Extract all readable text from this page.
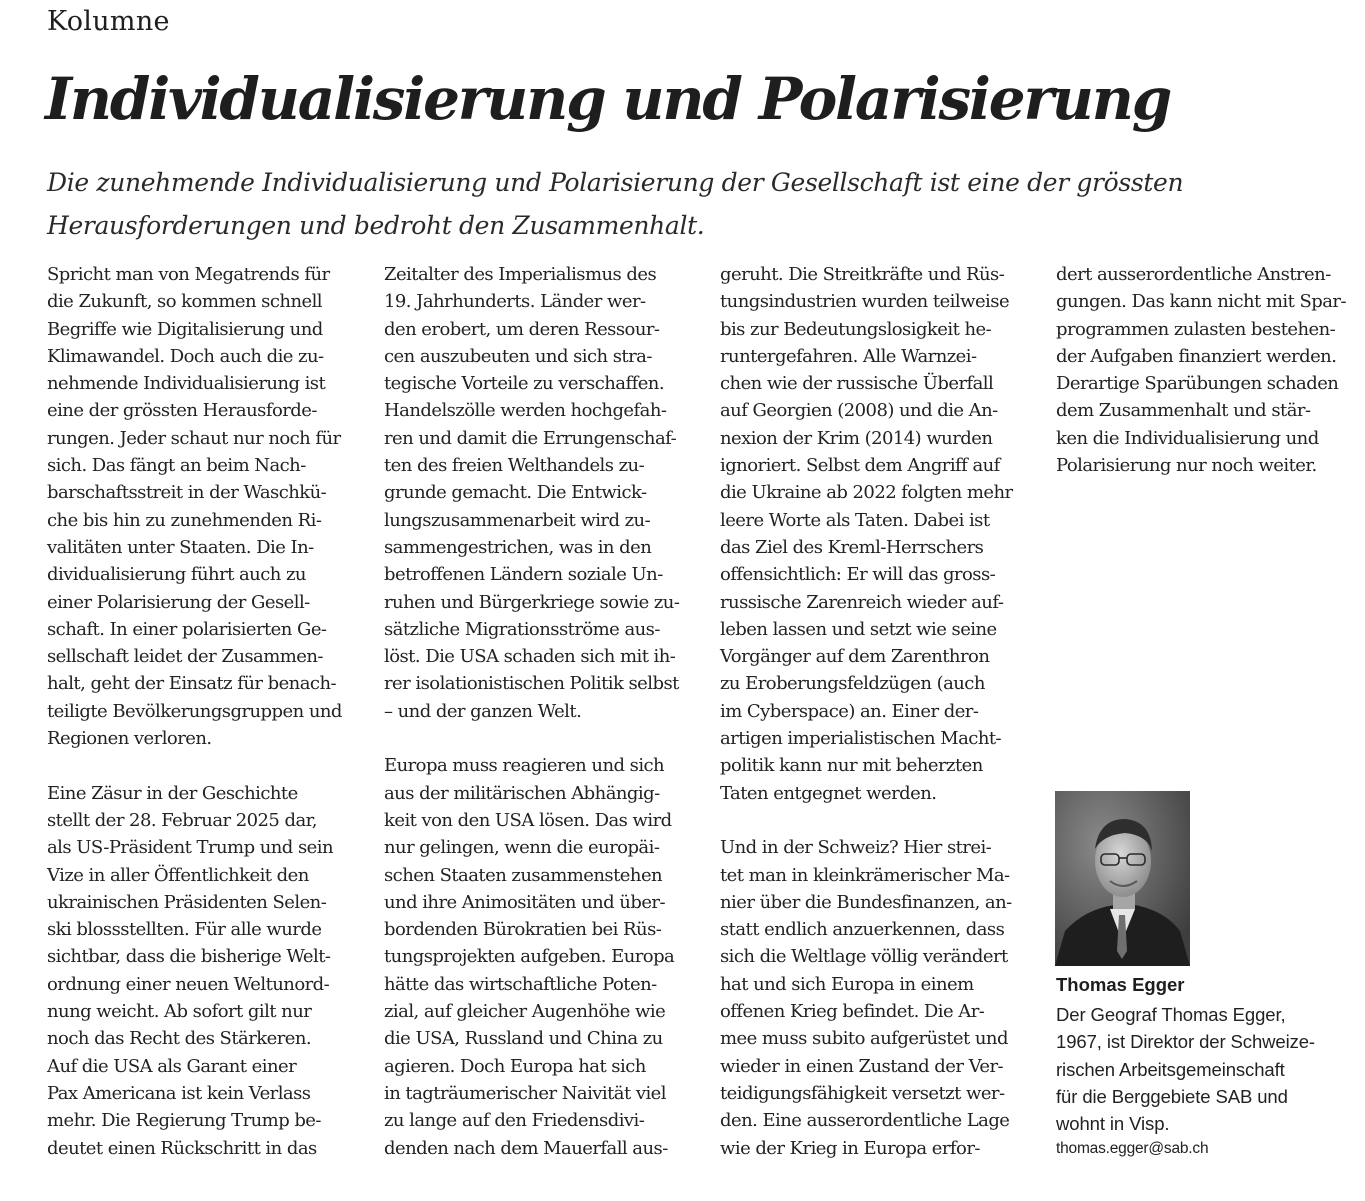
Kolumne
Individualisierung und Polarisierung
Die zunehmende Individualisierung und Polarisierung der Gesellschaft ist eine der grössten Herausforderungen und bedroht den Zusammenhalt.
Spricht man von Megatrends für
die Zukunft, so kommen schnell
Begriffe wie Digitalisierung und
Klimawandel. Doch auch die zu-
nehmende Individualisierung ist
eine der grössten Herausforde-
rungen. Jeder schaut nur noch für
sich. Das fängt an beim Nach-
barschaftsstreit in der Waschkü-
che bis hin zu zunehmenden Ri-
valitäten unter Staaten. Die In-
dividualisierung führt auch zu
einer Polarisierung der Gesell-
schaft. In einer polarisierten Ge-
sellschaft leidet der Zusammen-
halt, geht der Einsatz für benach-
teiligte Bevölkerungsgruppen und
Regionen verloren.
Eine Zäsur in der Geschichte
stellt der 28. Februar 2025 dar,
als US-Präsident Trump und sein
Vize in aller Öffentlichkeit den
ukrainischen Präsidenten Selen-
ski blossstellten. Für alle wurde
sichtbar, dass die bisherige Welt-
ordnung einer neuen Weltunord-
nung weicht. Ab sofort gilt nur
noch das Recht des Stärkeren.
Auf die USA als Garant einer
Pax Americana ist kein Verlass
mehr. Die Regierung Trump be-
deutet einen Rückschritt in das
Zeitalter des Imperialismus des
19. Jahrhunderts. Länder wer-
den erobert, um deren Ressour-
cen auszubeuten und sich stra-
tegische Vorteile zu verschaffen.
Handelszölle werden hochgefah-
ren und damit die Errungenschaf-
ten des freien Welthandels zu-
grunde gemacht. Die Entwick-
lungszusammenarbeit wird zu-
sammengestrichen, was in den
betroffenen Ländern soziale Un-
ruhen und Bürgerkriege sowie zu-
sätzliche Migrationsströme aus-
löst. Die USA schaden sich mit ih-
rer isolationistischen Politik selbst
– und der ganzen Welt.
Europa muss reagieren und sich
aus der militärischen Abhängig-
keit von den USA lösen. Das wird
nur gelingen, wenn die europäi-
schen Staaten zusammenstehen
und ihre Animositäten und über-
bordenden Bürokratien bei Rüs-
tungsprojekten aufgeben. Europa
hätte das wirtschaftliche Poten-
zial, auf gleicher Augenhöhe wie
die USA, Russland und China zu
agieren. Doch Europa hat sich
in tagträumerischer Naivität viel
zu lange auf den Friedensdivi-
denden nach dem Mauerfall aus-
geruht. Die Streitkräfte und Rüs-
tungsindustrien wurden teilweise
bis zur Bedeutungslosigkeit he-
runtergefahren. Alle Warnzei-
chen wie der russische Überfall
auf Georgien (2008) und die An-
nexion der Krim (2014) wurden
ignoriert. Selbst dem Angriff auf
die Ukraine ab 2022 folgten mehr
leere Worte als Taten. Dabei ist
das Ziel des Kreml-Herrschers
offensichtlich: Er will das gross-
russische Zarenreich wieder auf-
leben lassen und setzt wie seine
Vorgänger auf dem Zarenthron
zu Eroberungsfeldzügen (auch
im Cyberspace) an. Einer der-
artigen imperialistischen Macht-
politik kann nur mit beherzten
Taten entgegnet werden.
Und in der Schweiz? Hier strei-
tet man in kleinkrämerischer Ma-
nier über die Bundesfinanzen, an-
statt endlich anzuerkennen, dass
sich die Weltlage völlig verändert
hat und sich Europa in einem
offenen Krieg befindet. Die Ar-
mee muss subito aufgerüstet und
wieder in einen Zustand der Ver-
teidigungsfähigkeit versetzt wer-
den. Eine ausserordentliche Lage
wie der Krieg in Europa erfor-
dert ausserordentliche Anstren-
gungen. Das kann nicht mit Spar-
programmen zulasten bestehen-
der Aufgaben finanziert werden.
Derartige Sparübungen schaden
dem Zusammenhalt und stär-
ken die Individualisierung und
Polarisierung nur noch weiter.
Thomas Egger
Der Geograf Thomas Egger,
1967, ist Direktor der Schweize-
rischen Arbeitsgemeinschaft
für die Berggebiete SAB und
wohnt in Visp.
thomas.egger@sab.ch
